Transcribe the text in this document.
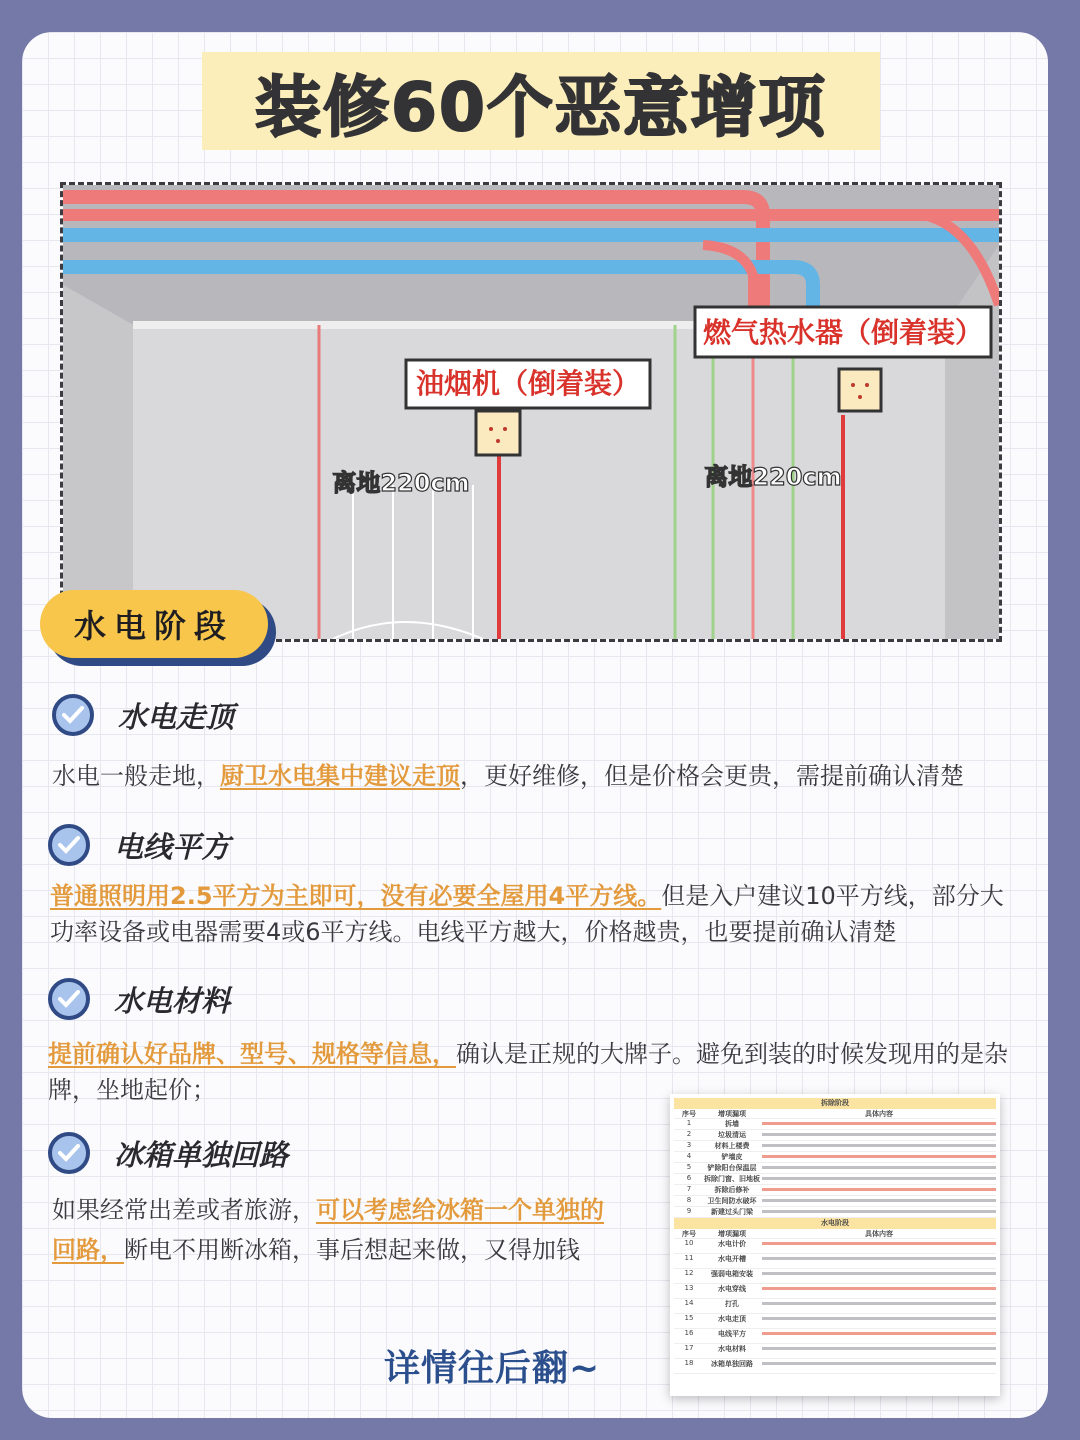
装修60个恶意增项
油烟机（倒着装）
燃气热水器（倒着装）
离地220cm	离地220cm
水电阶段
水电走顶
水电一般走地，厨卫水电集中建议走顶，更好维修，但是价格会更贵，需提前确认清楚
电线平方
普通照明用2.5平方为主即可，没有必要全屋用4平方线。但是入户建议10平方线，部分大功率设备或电器需要4或6平方线。电线平方越大，价格越贵，也要提前确认清楚
水电材料
提前确认好品牌、型号、规格等信息，确认是正规的大牌子。避免到装的时候发现用的是杂牌，坐地起价；
冰箱单独回路
如果经常出差或者旅游，可以考虑给冰箱一个单独的回路，断电不用断冰箱，事后想起来做，又得加钱
详情往后翻~
拆除阶段
序号	增项漏项	具体内容
1	拆墙
2	垃圾清运
3	材料上楼费
4	铲墙皮
5	铲除阳台保温层
6	拆除门窗、旧地板
7	拆除后修补
8	卫生间防水破坏
9	新建过头门梁
水电阶段
序号	增项漏项	具体内容
10	水电计价
11	水电开槽
12	强弱电箱安装
13	水电穿线
14	打孔
15	水电走顶
16	电线平方
17	水电材料
18	冰箱单独回路
